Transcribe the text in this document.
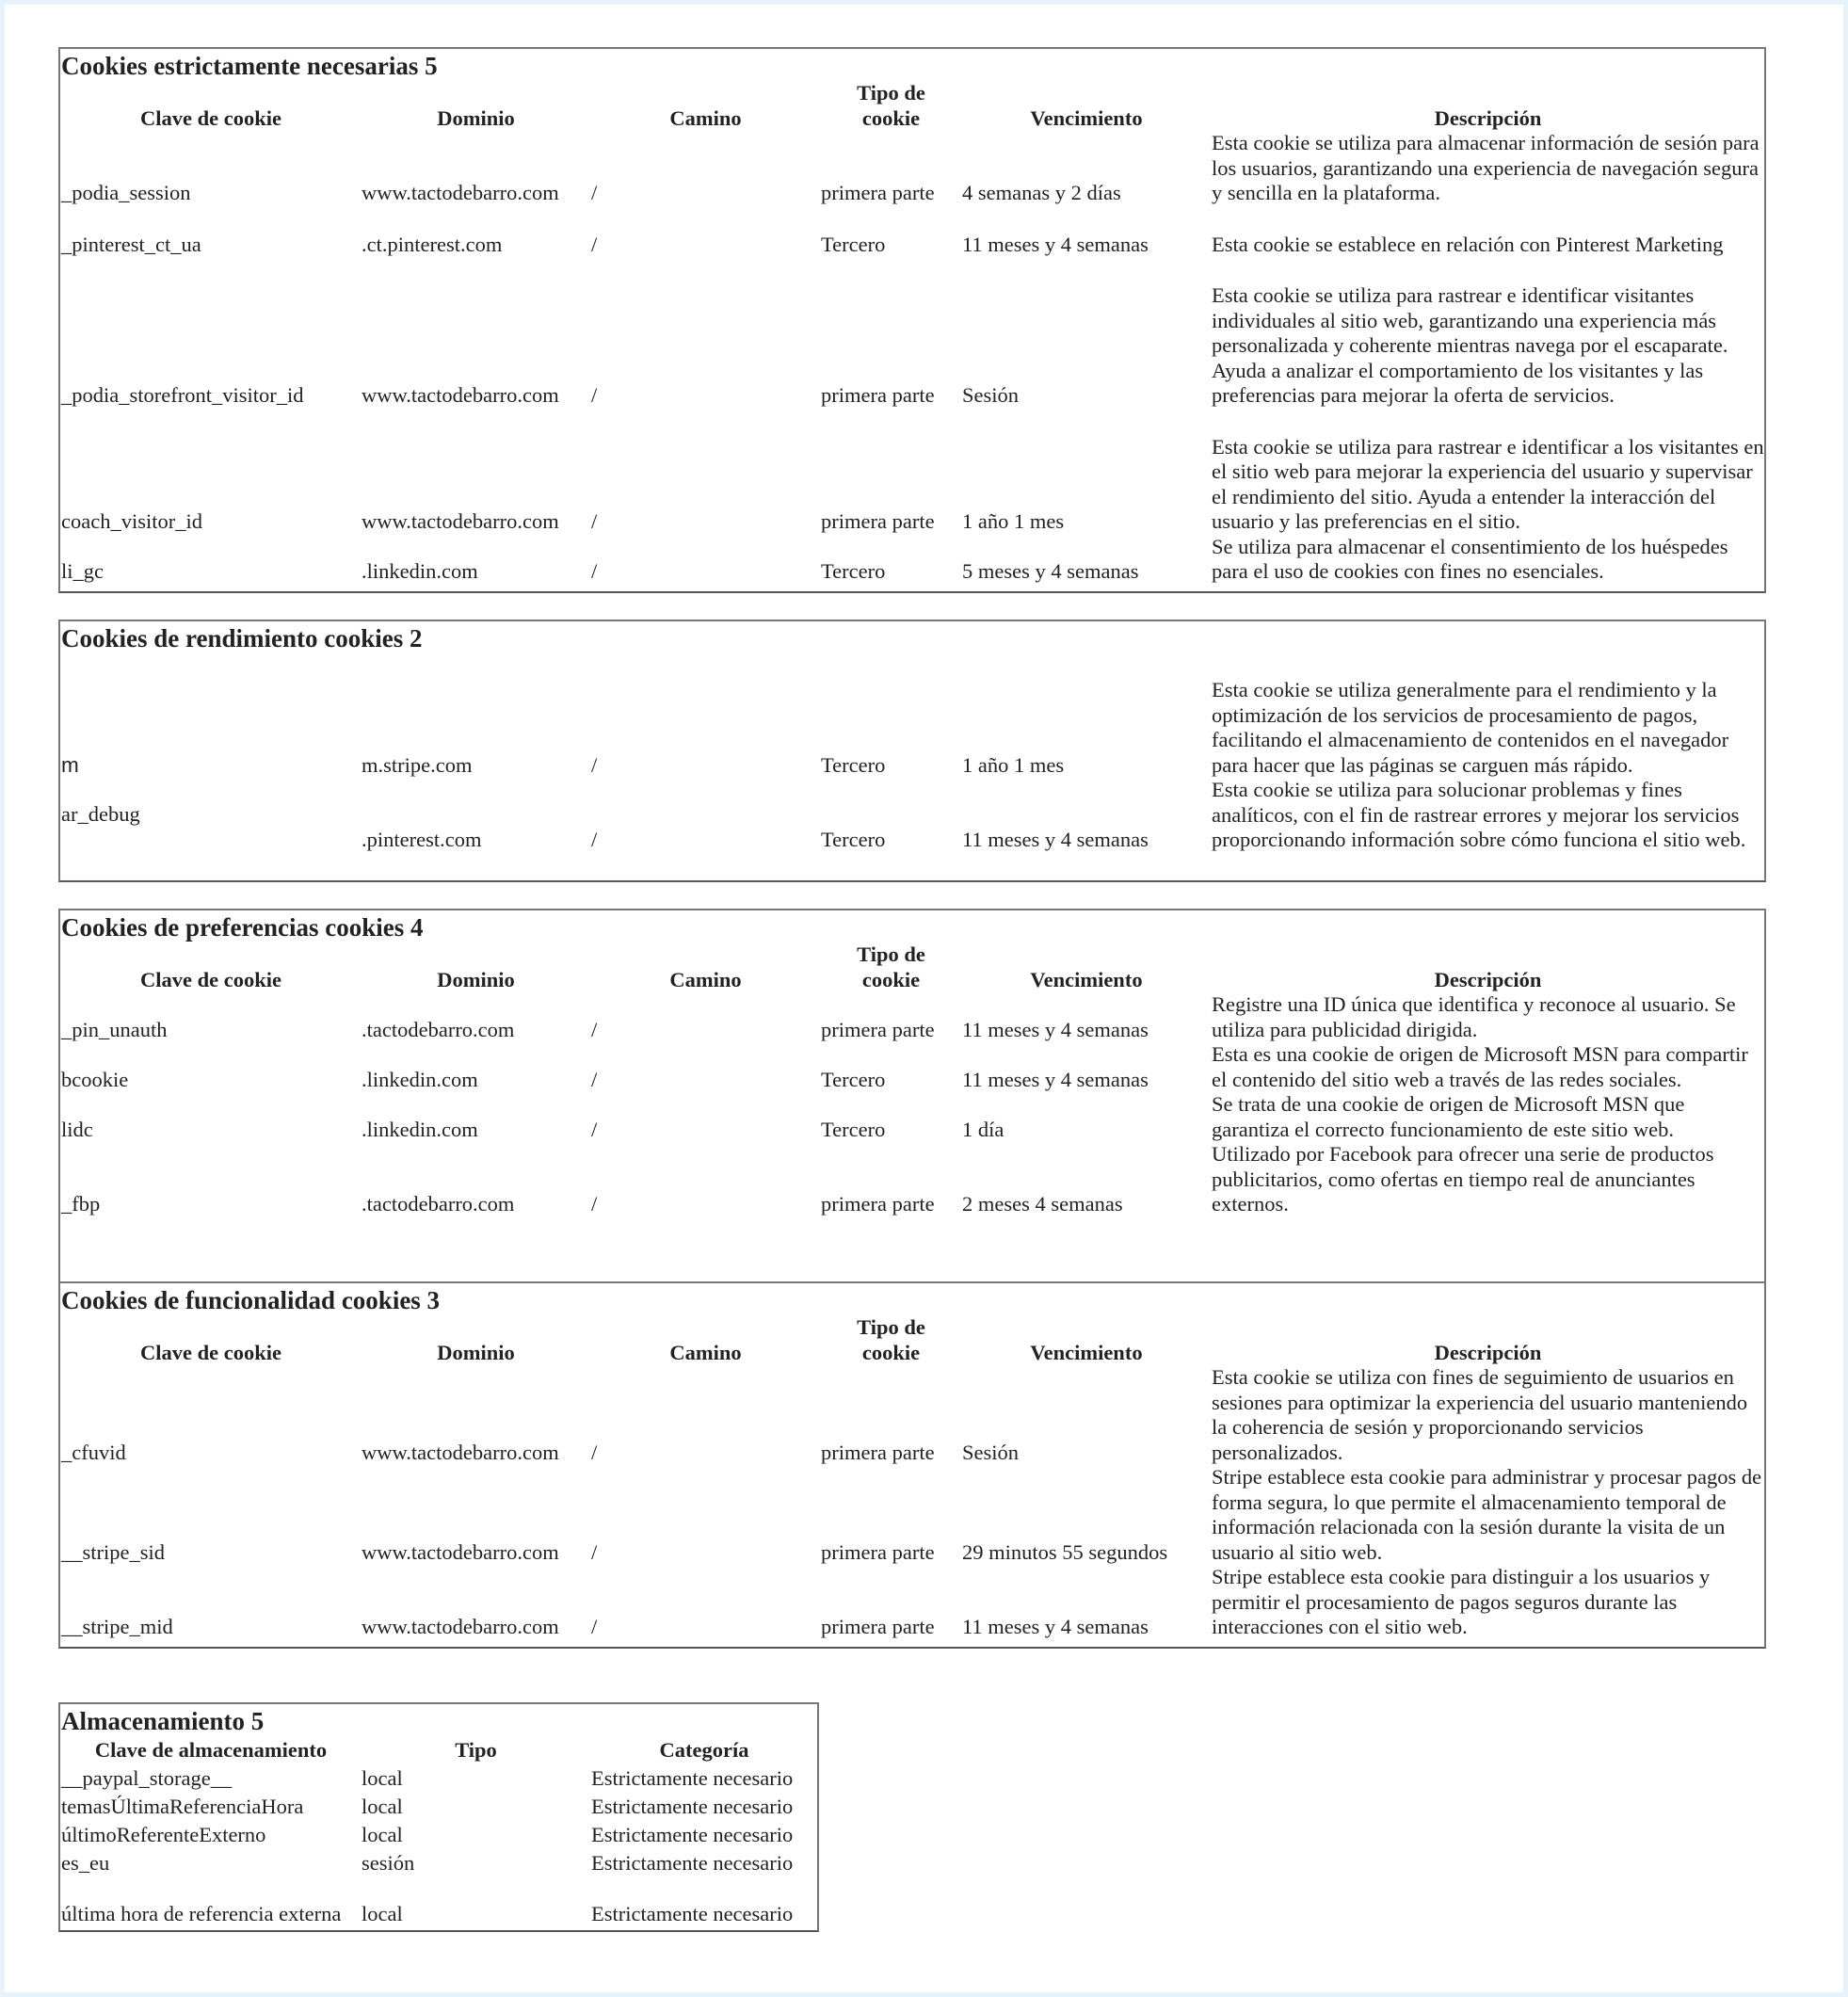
Cookies estrictamente necesarias 5					
Clave de cookie	Dominio	Camino	Tipo de
cookie	Vencimiento	Descripción
_podia_session	www.tactodebarro.com	/	primera parte	4 semanas y 2 días	Esta cookie se utiliza para almacenar información de sesión para los usuarios, garantizando una experiencia de navegación segura y sencilla en la plataforma.

_pinterest_ct_ua	.ct.pinterest.com	/	Tercero	11 meses y 4 semanas	Esta cookie se establece en relación con Pinterest Marketing

_podia_storefront_visitor_id	www.tactodebarro.com	/	primera parte	Sesión	Esta cookie se utiliza para rastrear e identificar visitantes individuales al sitio web, garantizando una experiencia más personalizada y coherente mientras navega por el escaparate. Ayuda a analizar el comportamiento de los visitantes y las preferencias para mejorar la oferta de servicios.

coach_visitor_id	www.tactodebarro.com	/	primera parte	1 año 1 mes	Esta cookie se utiliza para rastrear e identificar a los visitantes en el sitio web para mejorar la experiencia del usuario y supervisar el rendimiento del sitio. Ayuda a entender la interacción del usuario y las preferencias en el sitio.
li_gc	.linkedin.com	/	Tercero	5 meses y 4 semanas	Se utiliza para almacenar el consentimiento de los huéspedes para el uso de cookies con fines no esenciales.
Cookies de rendimiento cookies 2					

m	m.stripe.com	/	Tercero	1 año 1 mes	Esta cookie se utiliza generalmente para el rendimiento y la optimización de los servicios de procesamiento de pagos, facilitando el almacenamiento de contenidos en el navegador para hacer que las páginas se carguen más rápido.
ar_debug	.pinterest.com	/	Tercero	11 meses y 4 semanas	Esta cookie se utiliza para solucionar problemas y fines analíticos, con el fin de rastrear errores y mejorar los servicios proporcionando información sobre cómo funciona el sitio web.
Cookies de preferencias cookies 4					
Clave de cookie	Dominio	Camino	Tipo de
cookie	Vencimiento	Descripción
_pin_unauth	.tactodebarro.com	/	primera parte	11 meses y 4 semanas	Registre una ID única que identifica y reconoce al usuario. Se utiliza para publicidad dirigida.
bcookie	.linkedin.com	/	Tercero	11 meses y 4 semanas	Esta es una cookie de origen de Microsoft MSN para compartir el contenido del sitio web a través de las redes sociales.
lidc	.linkedin.com	/	Tercero	1 día	Se trata de una cookie de origen de Microsoft MSN que garantiza el correcto funcionamiento de este sitio web.
_fbp	.tactodebarro.com	/	primera parte	2 meses 4 semanas	Utilizado por Facebook para ofrecer una serie de productos publicitarios, como ofertas en tiempo real de anunciantes externos.
Cookies de funcionalidad cookies 3					
Clave de cookie	Dominio	Camino	Tipo de
cookie	Vencimiento	Descripción
_cfuvid	www.tactodebarro.com	/	primera parte	Sesión	Esta cookie se utiliza con fines de seguimiento de usuarios en sesiones para optimizar la experiencia del usuario manteniendo la coherencia de sesión y proporcionando servicios personalizados.
__stripe_sid	www.tactodebarro.com	/	primera parte	29 minutos 55 segundos	Stripe establece esta cookie para administrar y procesar pagos de forma segura, lo que permite el almacenamiento temporal de información relacionada con la sesión durante la visita de un usuario al sitio web.
__stripe_mid	www.tactodebarro.com	/	primera parte	11 meses y 4 semanas	Stripe establece esta cookie para distinguir a los usuarios y permitir el procesamiento de pagos seguros durante las interacciones con el sitio web.
Almacenamiento 5		
Clave de almacenamiento	Tipo	Categoría
__paypal_storage__	local	Estrictamente necesario
temasÚltimaReferenciaHora	local	Estrictamente necesario
últimoReferenteExterno	local	Estrictamente necesario
es_eu	sesión	Estrictamente necesario

última hora de referencia externa	local	Estrictamente necesario
